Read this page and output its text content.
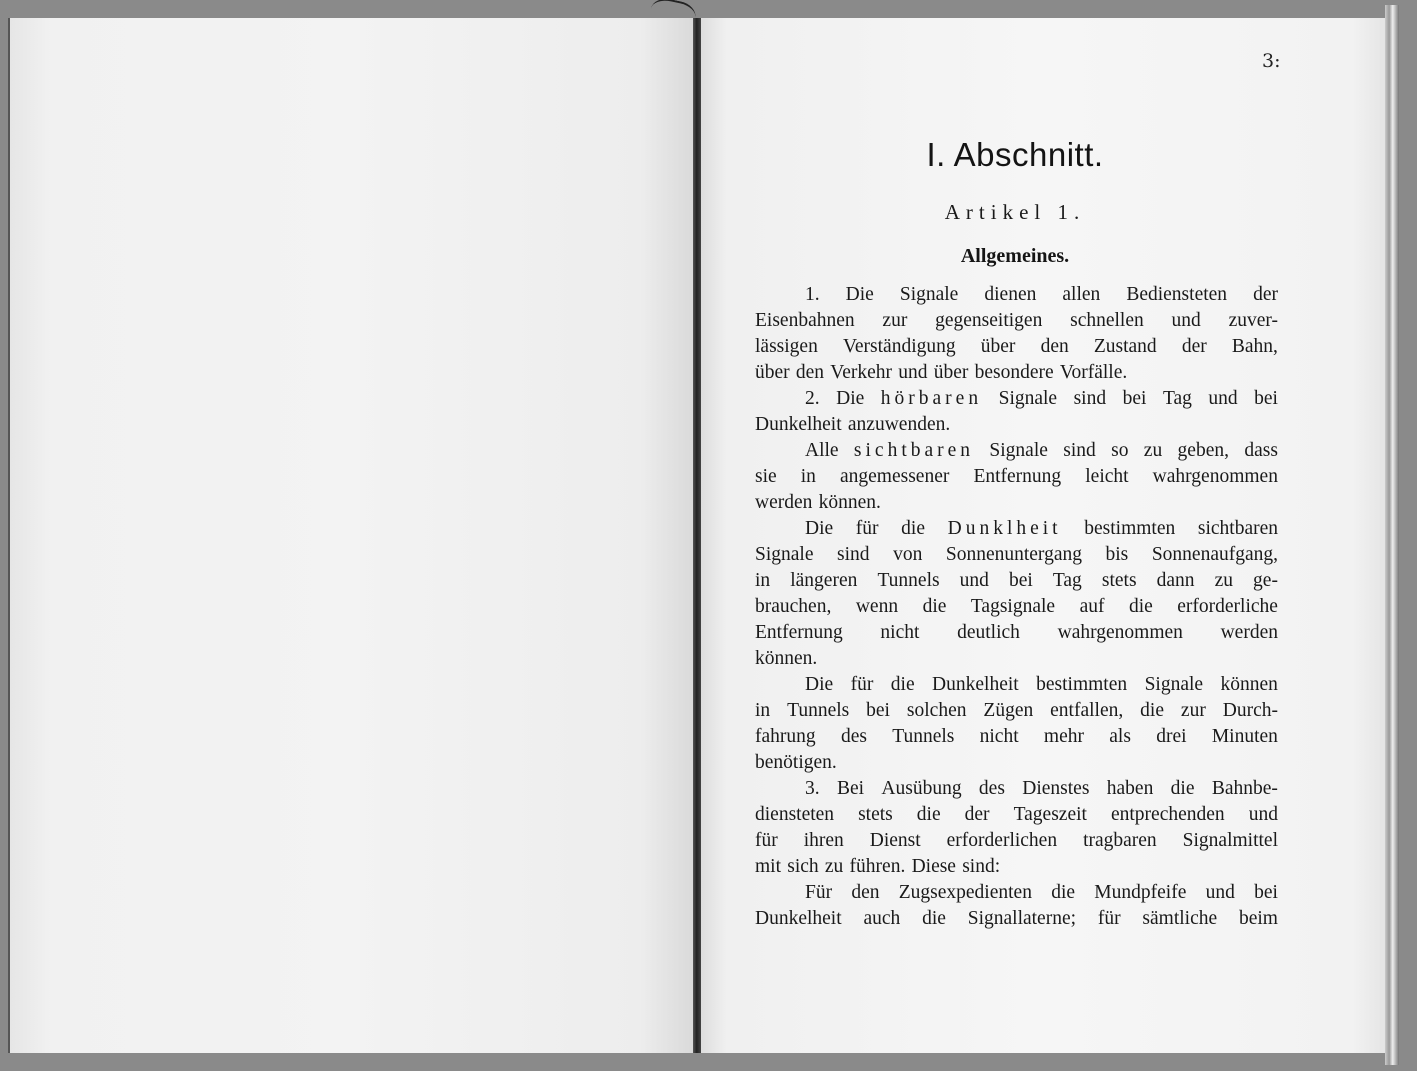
3:
I. Abschnitt.
Artikel 1.
Allgemeines.
1. Die Signale dienen allen Bediensteten der
Eisenbahnen zur gegenseitigen schnellen und zuver-
lässigen Verständigung über den Zustand der Bahn,
über den Verkehr und über besondere Vorfälle.
2. Die hörbaren Signale sind bei Tag und bei
Dunkelheit anzuwenden.
Alle sichtbaren Signale sind so zu geben, dass
sie in angemessener Entfernung leicht wahrgenommen
werden können.
Die für die Dunklheit bestimmten sichtbaren
Signale sind von Sonnenuntergang bis Sonnenaufgang,
in längeren Tunnels und bei Tag stets dann zu ge-
brauchen, wenn die Tagsignale auf die erforderliche
Entfernung nicht deutlich wahrgenommen werden
können.
Die für die Dunkelheit bestimmten Signale können
in Tunnels bei solchen Zügen entfallen, die zur Durch-
fahrung des Tunnels nicht mehr als drei Minuten
benötigen.
3. Bei Ausübung des Dienstes haben die Bahnbe-
diensteten stets die der Tageszeit entprechenden und
für ihren Dienst erforderlichen tragbaren Signalmittel
mit sich zu führen. Diese sind:
Für den Zugsexpedienten die Mundpfeife und bei
Dunkelheit auch die Signallaterne; für sämtliche beim
